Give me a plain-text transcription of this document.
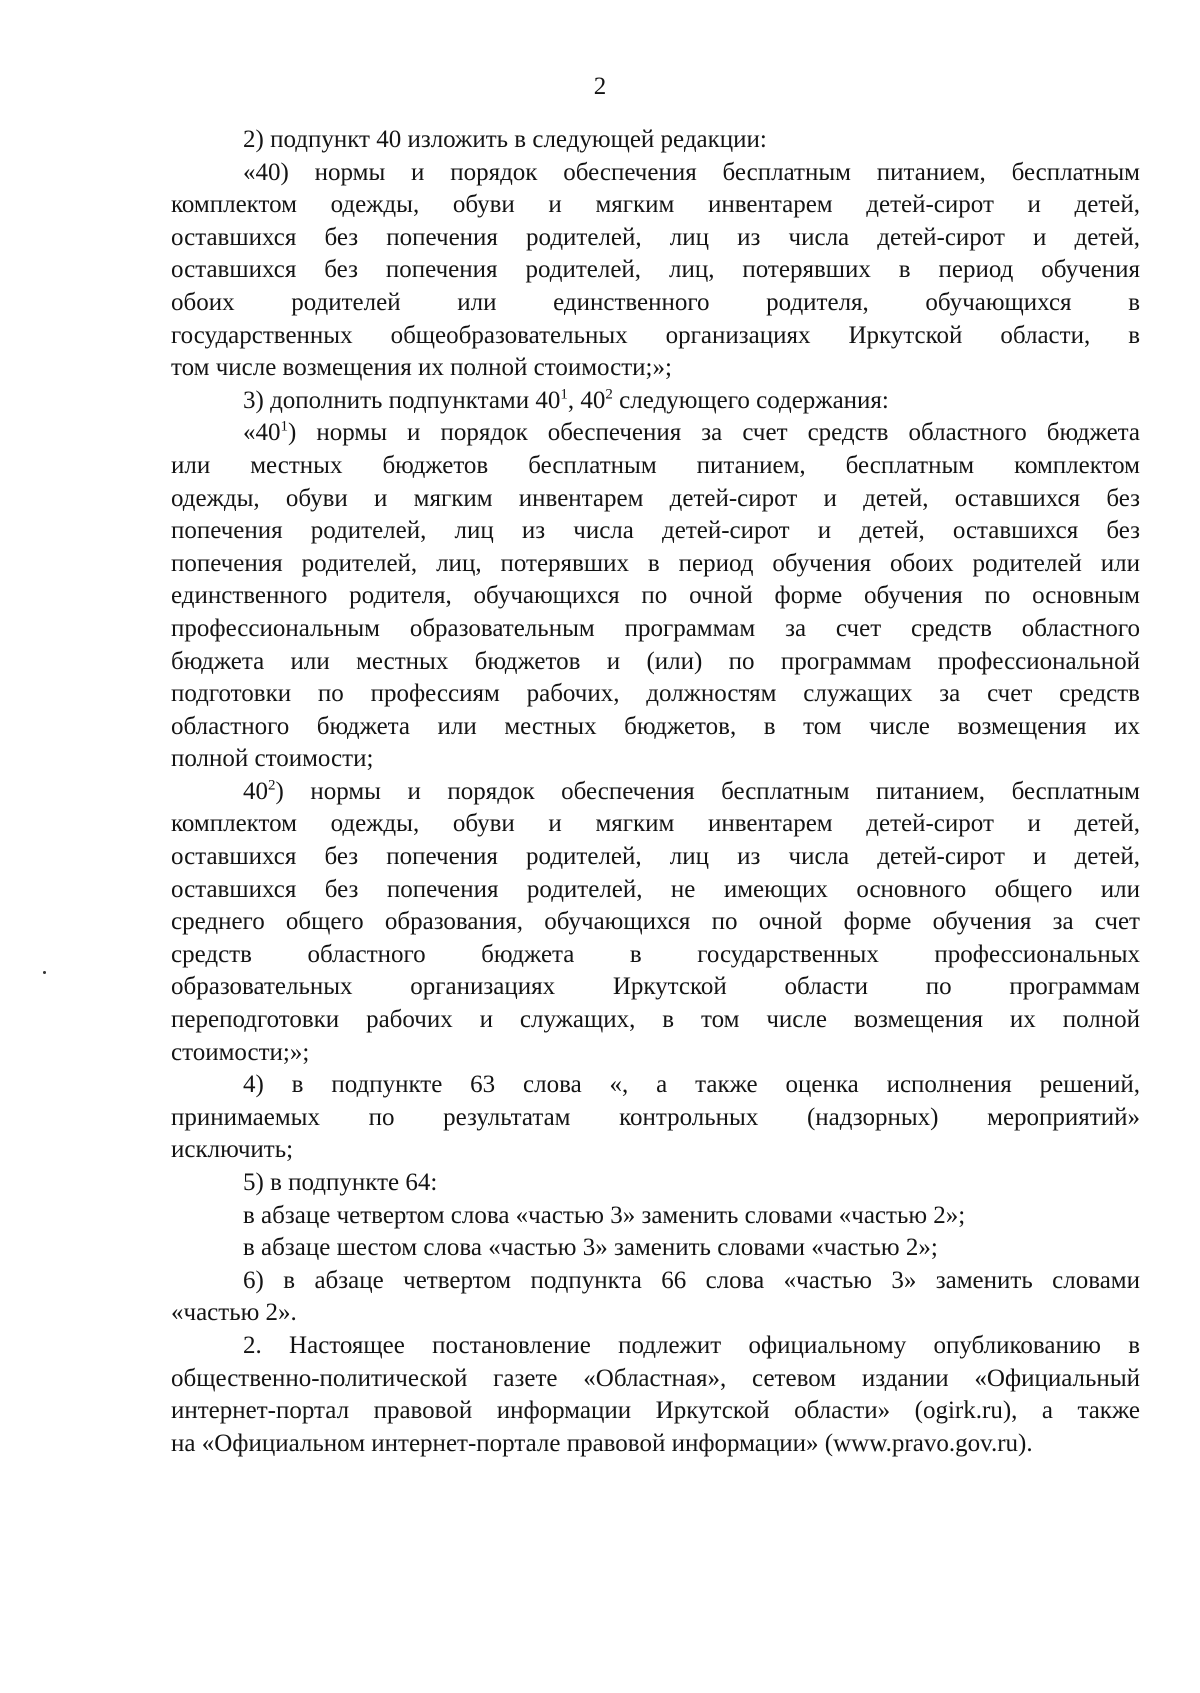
2
2) подпункт 40 изложить в следующей редакции:
«40) нормы и порядок обеспечения бесплатным питанием, бесплатным
комплектом одежды, обуви и мягким инвентарем детей-сирот и детей,
оставшихся без попечения родителей, лиц из числа детей-сирот и детей,
оставшихся без попечения родителей, лиц, потерявших в период обучения
обоих родителей или единственного родителя, обучающихся в
государственных общеобразовательных организациях Иркутской области, в
том числе возмещения их полной стоимости;»;
3) дополнить подпунктами $40^1$, $40^2$ следующего содержания:
«$40^1$) нормы и порядок обеспечения за счет средств областного бюджета
или местных бюджетов бесплатным питанием, бесплатным комплектом
одежды, обуви и мягким инвентарем детей-сирот и детей, оставшихся без
попечения родителей, лиц из числа детей-сирот и детей, оставшихся без
попечения родителей, лиц, потерявших в период обучения обоих родителей или
единственного родителя, обучающихся по очной форме обучения по основным
профессиональным образовательным программам за счет средств областного
бюджета или местных бюджетов и (или) по программам профессиональной
подготовки по профессиям рабочих, должностям служащих за счет средств
областного бюджета или местных бюджетов, в том числе возмещения их
полной стоимости;
$40^2$) нормы и порядок обеспечения бесплатным питанием, бесплатным
комплектом одежды, обуви и мягким инвентарем детей-сирот и детей,
оставшихся без попечения родителей, лиц из числа детей-сирот и детей,
оставшихся без попечения родителей, не имеющих основного общего или
среднего общего образования, обучающихся по очной форме обучения за счет
средств областного бюджета в государственных профессиональных
образовательных организациях Иркутской области по программам
переподготовки рабочих и служащих, в том числе возмещения их полной
стоимости;»;
4) в подпункте 63 слова «, а также оценка исполнения решений,
принимаемых по результатам контрольных (надзорных) мероприятий»
исключить;
5) в подпункте 64:
в абзаце четвертом слова «частью 3» заменить словами «частью 2»;
в абзаце шестом слова «частью 3» заменить словами «частью 2»;
6) в абзаце четвертом подпункта 66 слова «частью 3» заменить словами
«частью 2».
2. Настоящее постановление подлежит официальному опубликованию в
общественно-политической газете «Областная», сетевом издании «Официальный
интернет-портал правовой информации Иркутской области» (ogirk.ru), а также
на «Официальном интернет-портале правовой информации» (www.pravo.gov.ru).
